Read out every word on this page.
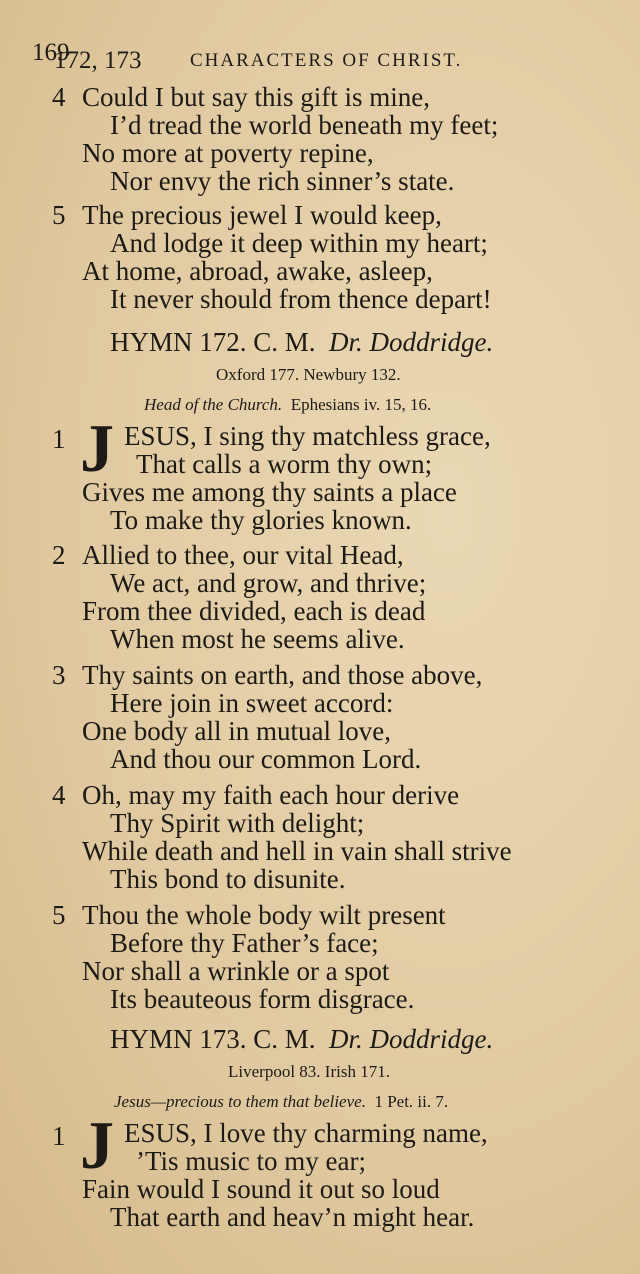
169
172, 173	CHARACTERS OF CHRIST.
4 Could I but say this gift is mine,
I’d tread the world beneath my feet;
No more at poverty repine,
Nor envy the rich sinner’s state.
5 The precious jewel I would keep,
And lodge it deep within my heart;
At home, abroad, awake, asleep,
It never should from thence depart!
HYMN 172. C. M. Dr. Doddridge.
Oxford 177. Newbury 132.
Head of the Church. Ephesians iv. 15, 16.
1 J ESUS, I sing thy matchless grace,
That calls a worm thy own;
Gives me among thy saints a place
To make thy glories known.
2 Allied to thee, our vital Head,
We act, and grow, and thrive;
From thee divided, each is dead
When most he seems alive.
3 Thy saints on earth, and those above,
Here join in sweet accord:
One body all in mutual love,
And thou our common Lord.
4 Oh, may my faith each hour derive
Thy Spirit with delight;
While death and hell in vain shall strive
This bond to disunite.
5 Thou the whole body wilt present
Before thy Father’s face;
Nor shall a wrinkle or a spot
Its beauteous form disgrace.
HYMN 173. C. M. Dr. Doddridge.
Liverpool 83. Irish 171.
Jesus—precious to them that believe. 1 Pet. ii. 7.
1 J ESUS, I love thy charming name,
’Tis music to my ear;
Fain would I sound it out so loud
That earth and heav’n might hear.
